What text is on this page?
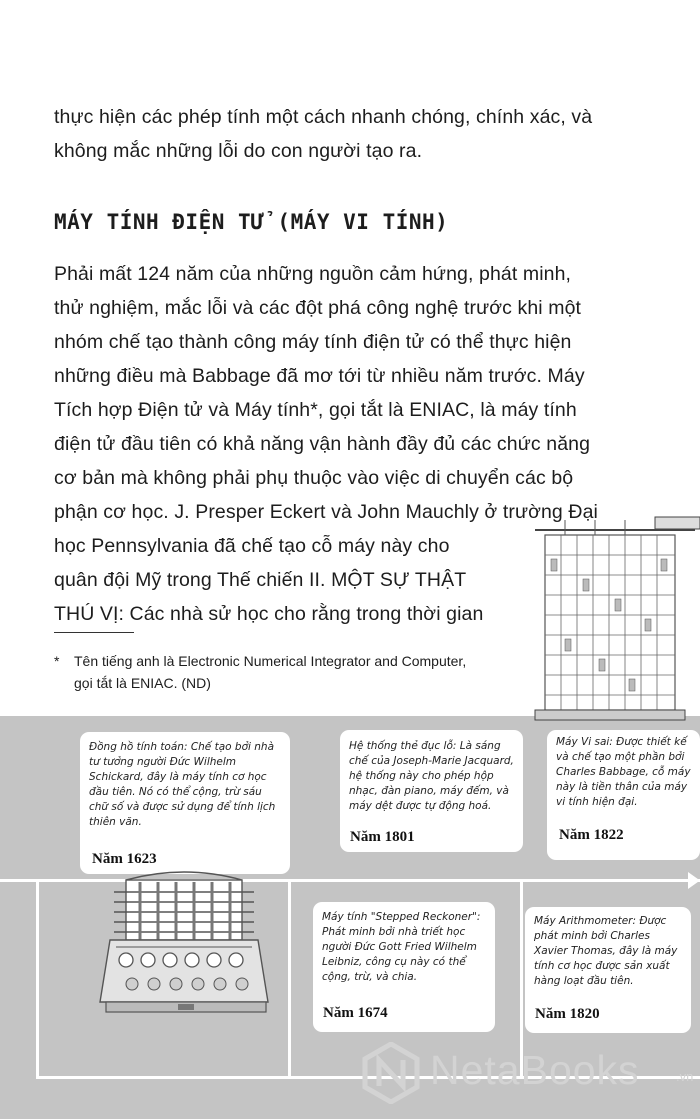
thực hiện các phép tính một cách nhanh chóng, chính xác, và

không mắc những lỗi do con người tạo ra.

MÁY TÍNH ĐIỆN TỬ (MÁY VI TÍNH)

Phải mất 124 năm của những nguồn cảm hứng, phát minh,

thử nghiệm, mắc lỗi và các đột phá công nghệ trước khi một

nhóm chế tạo thành công máy tính điện tử có thể thực hiện

những điều mà Babbage đã mơ tới từ nhiều năm trước. Máy

Tích hợp Điện tử và Máy tính*, gọi tắt là ENIAC, là máy tính

điện tử đầu tiên có khả năng vận hành đầy đủ các chức năng

cơ bản mà không phải phụ thuộc vào việc di chuyển các bộ

phận cơ học. J. Presper Eckert và John Mauchly ở trường Đại

học Pennsylvania đã chế tạo cỗ máy này cho

quân đội Mỹ trong Thế chiến II. MỘT SỰ THẬT

THÚ VỊ: Các nhà sử học cho rằng trong thời gian

* Tên tiếng anh là Electronic Numerical Integrator and Computer, gọi tắt là ENIAC. (ND)
Đồng hồ tính toán: Chế tạo bởi nhà tư tưởng người Đức Wilhelm Schickard, đây là máy tính cơ học đầu tiên. Nó có thể cộng, trừ sáu chữ số và được sử dụng để tính lịch thiên văn.
Năm 1623
Hệ thống thẻ đục lỗ: Là sáng chế của Joseph-Marie Jacquard, hệ thống này cho phép hộp nhạc, đàn piano, máy đếm, và máy dệt được tự động hoá.
Năm 1801
Máy Vi sai: Được thiết kế và chế tạo một phần bởi Charles Babbage, cỗ máy này là tiền thân của máy vi tính hiện đại.
Năm 1822
Máy tính "Stepped Reckoner": Phát minh bởi nhà triết học người Đức Gott Fried Wilhelm Leibniz, công cụ này có thể cộng, trừ, và chia.
Năm 1674
Máy Arithmometer: Được phát minh bởi Charles Xavier Thomas, đây là máy tính cơ học được sản xuất hàng loạt đầu tiên.
Năm 1820
NetaBooks	.vn
